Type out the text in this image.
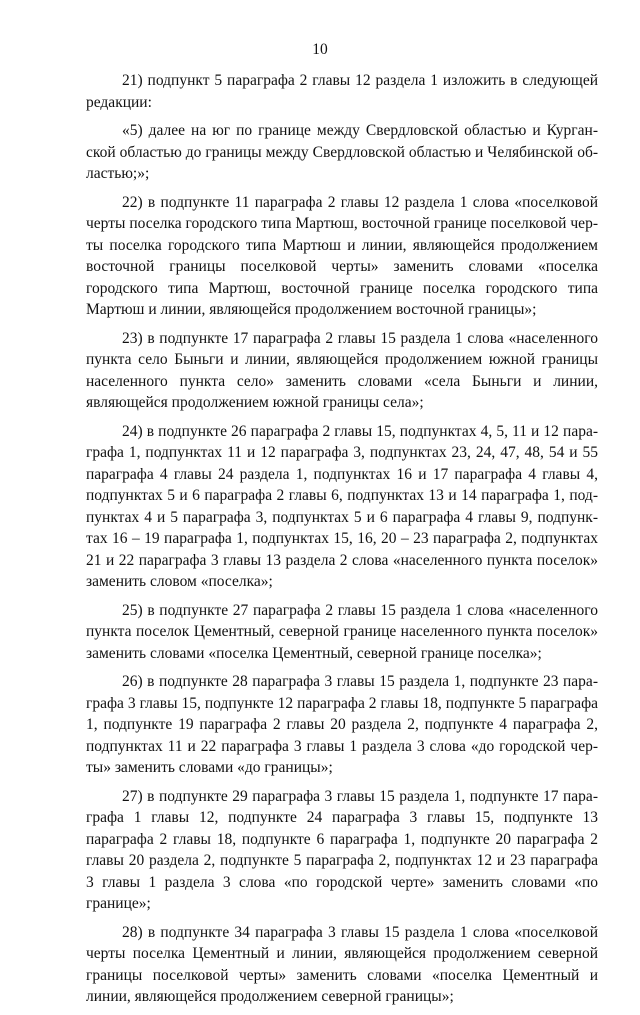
10

21) подпункт 5 параграфа 2 главы 12 раздела 1 изложить в следующей редакции:

«5) далее на юг по границе между Свердловской областью и Курганской областью до границы между Свердловской областью и Челябинской областью;»;

22) в подпункте 11 параграфа 2 главы 12 раздела 1 слова «поселковой черты поселка городского типа Мартюш, восточной границе поселковой черты поселка городского типа Мартюш и линии, являющейся продолжением восточной границы поселковой черты» заменить словами «поселка городского типа Мартюш, восточной границе поселка городского типа Мартюш и линии, являющейся продолжением восточной границы»;

23) в подпункте 17 параграфа 2 главы 15 раздела 1 слова «населенного пункта село Быньги и линии, являющейся продолжением южной границы населенного пункта село» заменить словами «села Быньги и линии, являющейся продолжением южной границы села»;

24) в подпункте 26 параграфа 2 главы 15, подпунктах 4, 5, 11 и 12 параграфа 1, подпунктах 11 и 12 параграфа 3, подпунктах 23, 24, 47, 48, 54 и 55 параграфа 4 главы 24 раздела 1, подпунктах 16 и 17 параграфа 4 главы 4, подпунктах 5 и 6 параграфа 2 главы 6, подпунктах 13 и 14 параграфа 1, подпунктах 4 и 5 параграфа 3, подпунктах 5 и 6 параграфа 4 главы 9, подпунктах 16 – 19 параграфа 1, подпунктах 15, 16, 20 – 23 параграфа 2, подпунктах 21 и 22 параграфа 3 главы 13 раздела 2 слова «населенного пункта поселок» заменить словом «поселка»;

25) в подпункте 27 параграфа 2 главы 15 раздела 1 слова «населенного пункта поселок Цементный, северной границе населенного пункта поселок» заменить словами «поселка Цементный, северной границе поселка»;

26) в подпункте 28 параграфа 3 главы 15 раздела 1, подпункте 23 параграфа 3 главы 15, подпункте 12 параграфа 2 главы 18, подпункте 5 параграфа 1, подпункте 19 параграфа 2 главы 20 раздела 2, подпункте 4 параграфа 2, подпунктах 11 и 22 параграфа 3 главы 1 раздела 3 слова «до городской черты» заменить словами «до границы»;

27) в подпункте 29 параграфа 3 главы 15 раздела 1, подпункте 17 параграфа 1 главы 12, подпункте 24 параграфа 3 главы 15, подпункте 13 параграфа 2 главы 18, подпункте 6 параграфа 1, подпункте 20 параграфа 2 главы 20 раздела 2, подпункте 5 параграфа 2, подпунктах 12 и 23 параграфа 3 главы 1 раздела 3 слова «по городской черте» заменить словами «по границе»;

28) в подпункте 34 параграфа 3 главы 15 раздела 1 слова «поселковой черты поселка Цементный и линии, являющейся продолжением северной границы поселковой черты» заменить словами «поселка Цементный и линии, являющейся продолжением северной границы»;
